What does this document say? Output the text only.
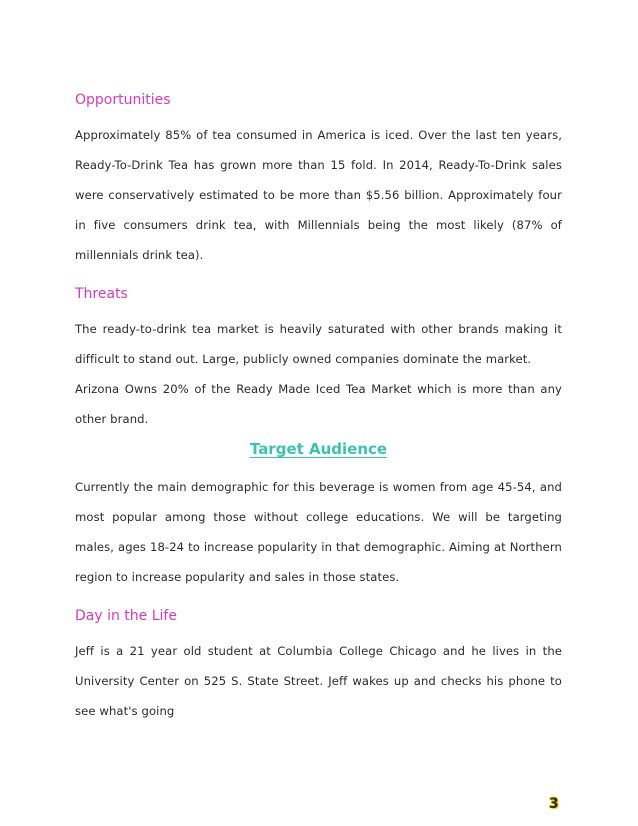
Opportunities

Approximately 85% of tea consumed in America is iced. Over the last ten years, Ready-To-Drink Tea has grown more than 15 fold. In 2014, Ready-To-Drink sales were conservatively estimated to be more than $5.56 billion. Approximately four in five consumers drink tea, with Millennials being the most likely (87% of millennials drink tea).

Threats

The ready-to-drink tea market is heavily saturated with other brands making it difficult to stand out. Large, publicly owned companies dominate the market.

Arizona Owns 20% of the Ready Made Iced Tea Market which is more than any other brand.

Target Audience

Currently the main demographic for this beverage is women from age 45-54, and most popular among those without college educations. We will be targeting males, ages 18-24 to increase popularity in that demographic. Aiming at Northern region to increase popularity and sales in those states.

Day in the Life

Jeff is a 21 year old student at Columbia College Chicago and he lives in the University Center on 525 S. State Street. Jeff wakes up and checks his phone to see what's going

3
